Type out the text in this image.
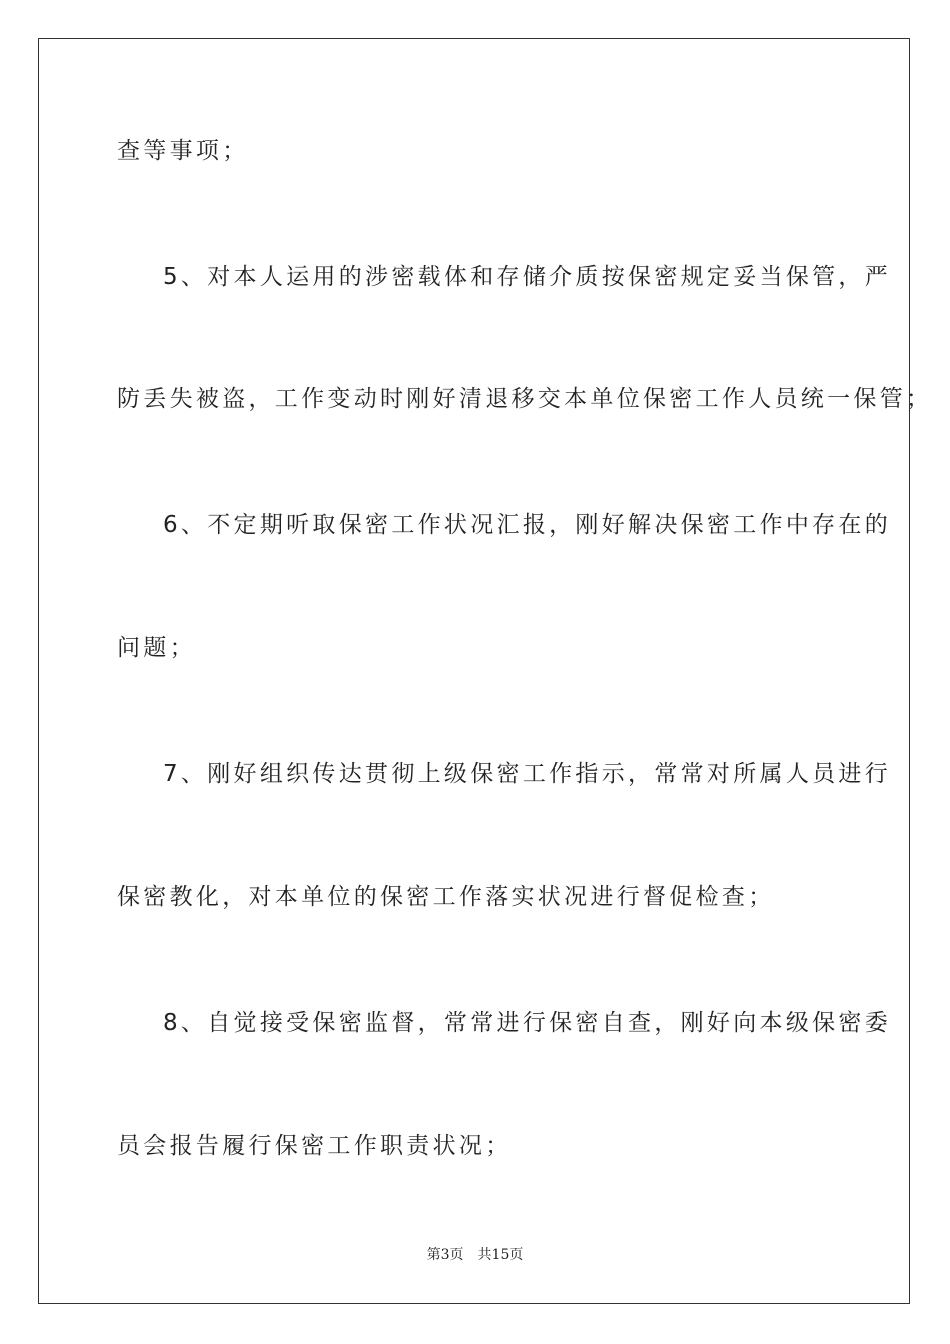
查等事项；

5、对本人运用的涉密载体和存储介质按保密规定妥当保管，严

防丢失被盗，工作变动时刚好清退移交本单位保密工作人员统一保管；

6、不定期听取保密工作状况汇报，刚好解决保密工作中存在的

问题；

7、刚好组织传达贯彻上级保密工作指示，常常对所属人员进行

保密教化，对本单位的保密工作落实状况进行督促检查；

8、自觉接受保密监督，常常进行保密自查，刚好向本级保密委

员会报告履行保密工作职责状况；

第3页 共15页
